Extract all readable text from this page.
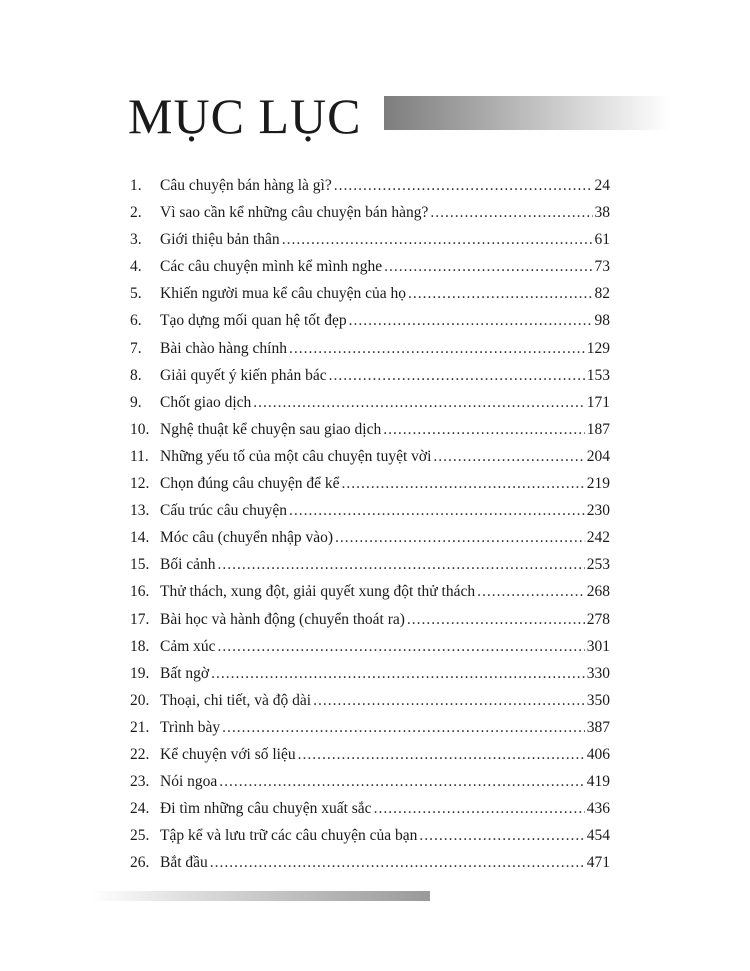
MỤC LỤC
1.	Câu chuyện bán hàng là gì? .....	24
2.	Vì sao cần kể những câu chuyện bán hàng? .....	38
3.	Giới thiệu bản thân .....	61
4.	Các câu chuyện mình kể mình nghe .....	73
5.	Khiến người mua kể câu chuyện của họ .....	82
6.	Tạo dựng mối quan hệ tốt đẹp .....	98
7.	Bài chào hàng chính .....	129
8.	Giải quyết ý kiến phản bác .....	153
9.	Chốt giao dịch .....	171
10. Nghệ thuật kể chuyện sau giao dịch .....	187
11. Những yếu tố của một câu chuyện tuyệt vời .....	204
12. Chọn đúng câu chuyện để kể .....	219
13. Cấu trúc câu chuyện .....	230
14. Móc câu (chuyển nhập vào) .....	242
15. Bối cảnh .....	253
16. Thử thách, xung đột, giải quyết xung đột thử thách .....	268
17. Bài học và hành động (chuyển thoát ra) .....	278
18. Cảm xúc .....	301
19. Bất ngờ .....	330
20. Thoại, chi tiết, và độ dài .....	350
21. Trình bày .....	387
22. Kể chuyện với số liệu .....	406
23. Nói ngoa .....	419
24. Đi tìm những câu chuyện xuất sắc .....	436
25. Tập kể và lưu trữ các câu chuyện của bạn .....	454
26. Bắt đầu .....	471
